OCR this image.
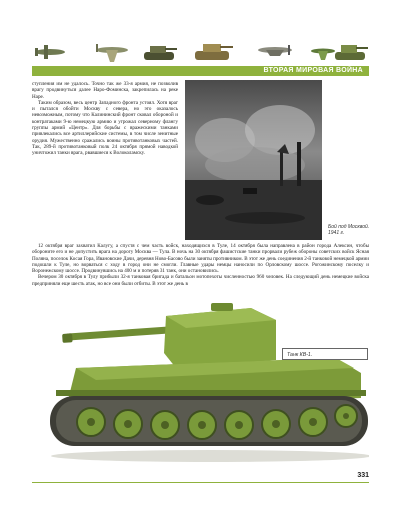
ВТОРАЯ МИРОВАЯ ВОЙНА

ступления им не удалось. Точно так же 33-я армия, не позволив врагу продвинуться далее Наро-Фоминска, закрепилась на реке Наре.

Таким образом, весь центр Западного фронта устоял. Хотя враг и пытался обойти Москву с севера, но это оказалось невозможным, потому что Калининский фронт сковал обороной и контратаками 9-ю немецкую армию и угрожал северному флангу группы армий «Центр». Для борьбы с вражескими танками привлекались все артиллерийские системы, в том числе зенитные орудия. Мужественно сражались воины противотанковых частей. Так, 289-й противотанковый полк 24 октября прямой наводкой уничтожил танки врага, рвавшиеся к Волоколамску.

Бой под Москвой. 1941 г.

12 октября враг захватил Калугу, а спустя с чем часть войск, находящихся в Туле, 14 октября была направлена в район города Алексин, чтобы обороните его и не допустить врага на дорогу Москва — Тула. В ночь на 30 октября фашистские танки прорвали рубеж обороны советских войск Ясная Поляна, поселок Косая Гора, Ивановские Дачи, деревня Ново-Басово были заняты противником. В этот же день соединения 2-й танковой немецкой армии подошли к Туле, но ворваться с ходу в город они не смогли. Главные удары немцы наносили по Орловскому шоссе. Рогожинскому поселку и Воронежскому шоссе. Продвинувшись на 400 м и потеряв 31 танк, они остановились.

Вечером 30 октября в Тулу прибыли 32-я танковая бригада и батальон мотопехоты численностью 960 человек. На следующий день немецкие войска предприняли еще шесть атак, но все они были отбиты. В этот же день в

Танк КВ-1.
331
